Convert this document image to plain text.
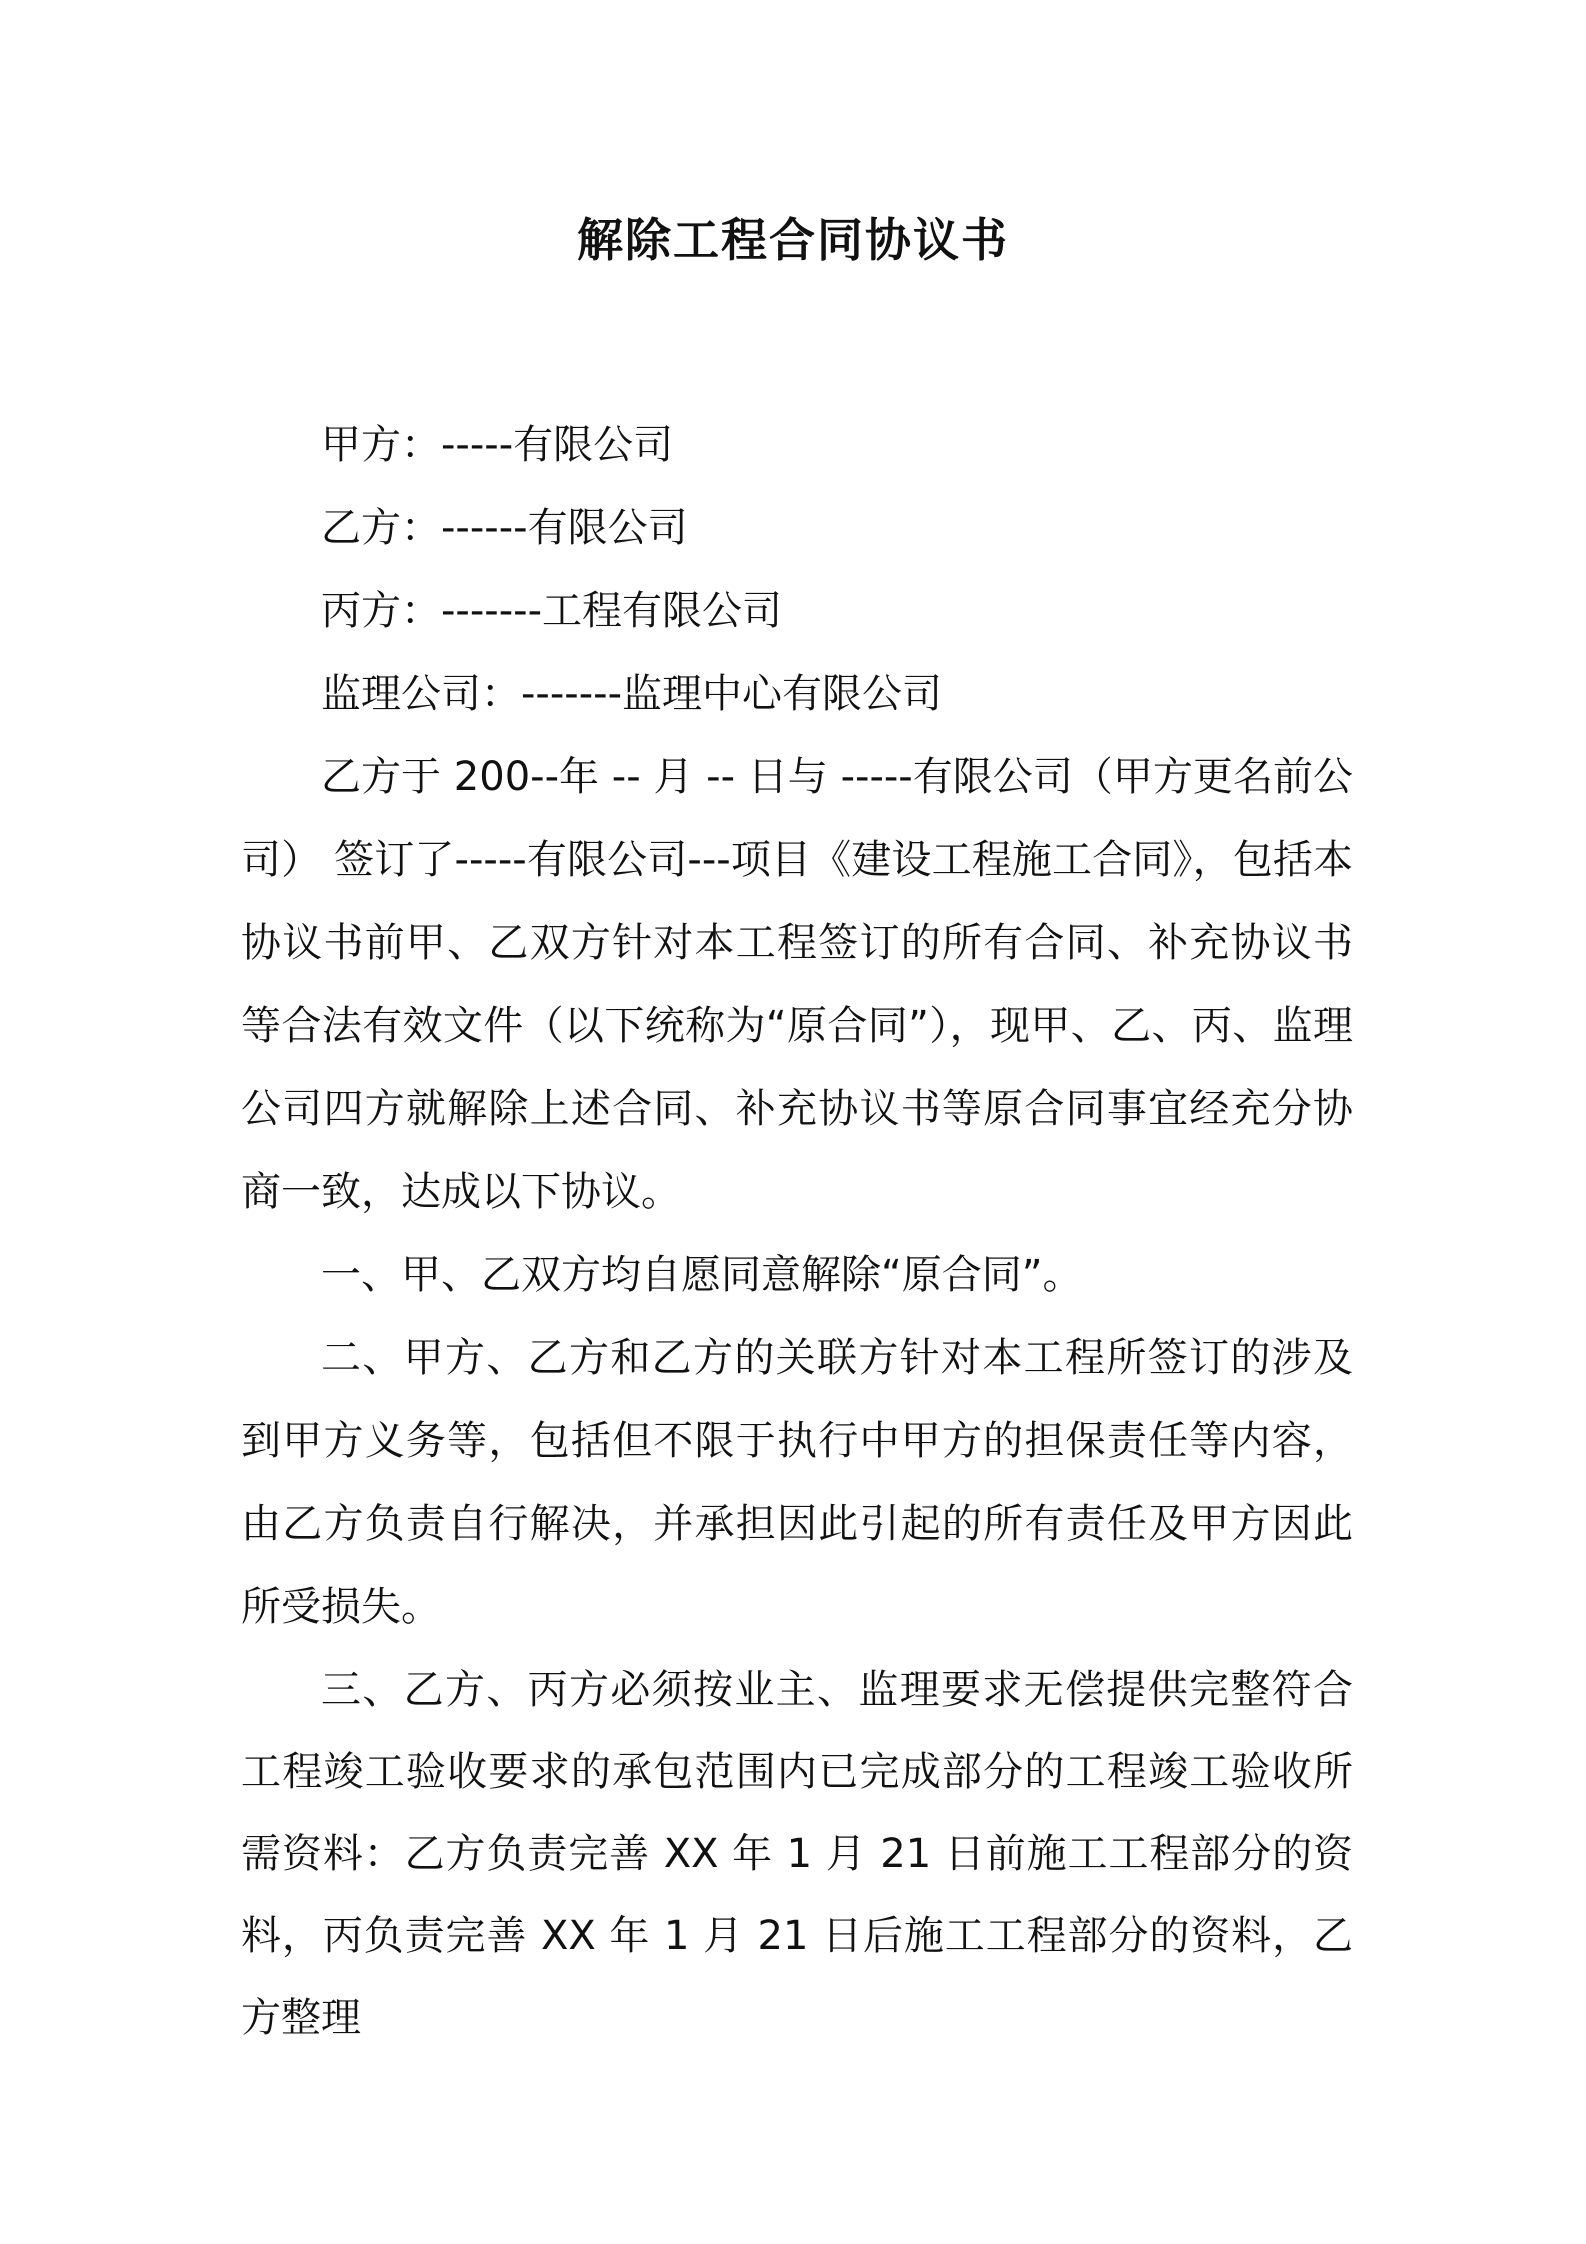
解除工程合同协议书
甲方：-----有限公司
乙方：------有限公司
丙方：-------工程有限公司
监理公司：-------监理中心有限公司

乙方于 200--年 -- 月 -- 日与 -----有限公司（甲方更名前公司） 签订了-----有限公司---项目《建设工程施工合同》，包括本协议书前甲、乙双方针对本工程签订的所有合同、补充协议书等合法有效文件（以下统称为“原合同”），现甲、乙、丙、监理公司四方就解除上述合同、补充协议书等原合同事宜经充分协商一致，达成以下协议。

一、甲、乙双方均自愿同意解除“原合同”。

二、甲方、乙方和乙方的关联方针对本工程所签订的涉及到甲方义务等，包括但不限于执行中甲方的担保责任等内容，由乙方负责自行解决，并承担因此引起的所有责任及甲方因此所受损失。

三、乙方、丙方必须按业主、监理要求无偿提供完整符合工程竣工验收要求的承包范围内已完成部分的工程竣工验收所需资料：乙方负责完善 XX 年 1 月 21 日前施工工程部分的资料，丙负责完善 XX 年 1 月 21 日后施工工程部分的资料，乙方整理
